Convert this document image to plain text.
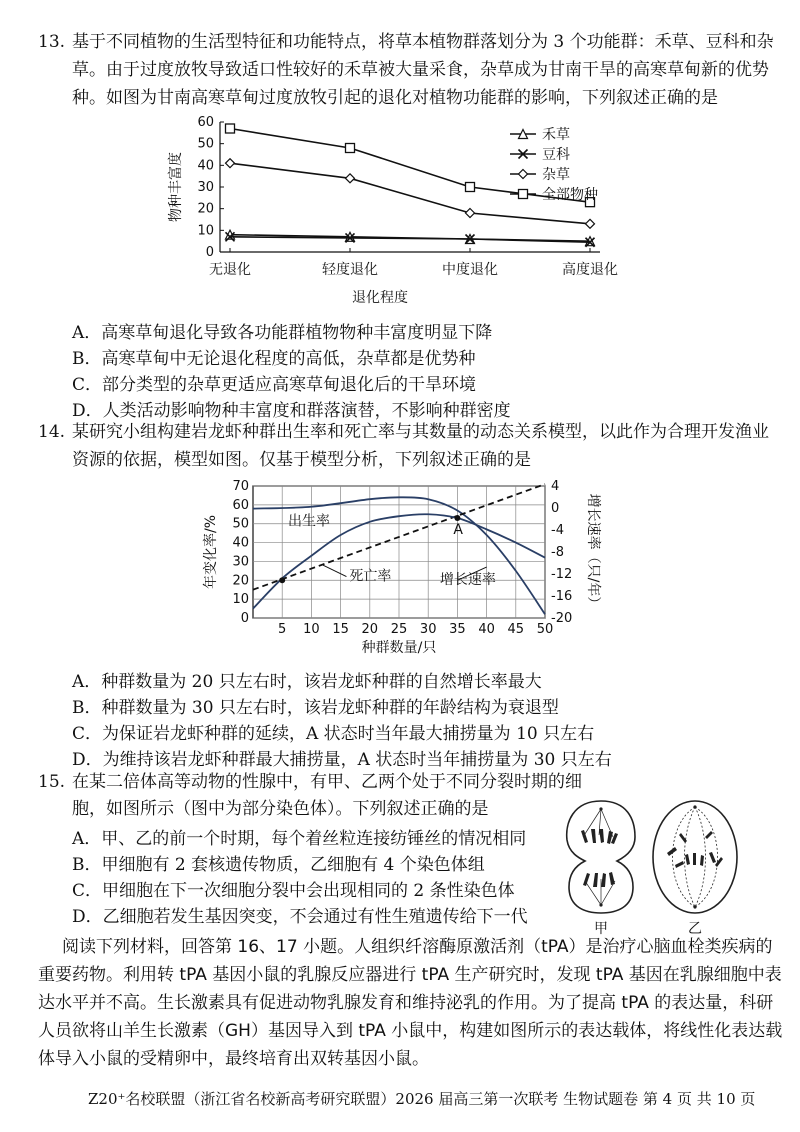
13. 基于不同植物的生活型特征和功能特点，将草本植物群落划分为 3 个功能群：禾草、豆科和杂
草。由于过度放牧导致适口性较好的禾草被大量采食，杂草成为甘南干旱的高寒草甸新的优势
种。如图为甘南高寒草甸过度放牧引起的退化对植物功能群的影响，下列叙述正确的是
0
10
20
30
40
50
60
无退化	轻度退化	中度退化	高度退化
退化程度
物种丰富度
禾草
豆科
杂草
全部物种
A．高寒草甸退化导致各功能群植物物种丰富度明显下降
B．高寒草甸中无论退化程度的高低，杂草都是优势种
C．部分类型的杂草更适应高寒草甸退化后的干旱环境
D．人类活动影响物种丰富度和群落演替，不影响种群密度
14. 某研究小组构建岩龙虾种群出生率和死亡率与其数量的动态关系模型，以此作为合理开发渔业
资源的依据，模型如图。仅基于模型分析，下列叙述正确的是
0
10
20
30
40
50
60
70	4
0
-4
-8
-12
-16
-20
5 10 15 20 25 30 35 40 45 50
种群数量/只
年变化率/%	增长速率（只/年）
A
出生率
死亡率	增长速率
A．种群数量为 20 只左右时，该岩龙虾种群的自然增长率最大
B．种群数量为 30 只左右时，该岩龙虾种群的年龄结构为衰退型
C．为保证岩龙虾种群的延续，A 状态时当年最大捕捞量为 10 只左右
D．为维持该岩龙虾种群最大捕捞量，A 状态时当年捕捞量为 30 只左右
15. 在某二倍体高等动物的性腺中，有甲、乙两个处于不同分裂时期的细
胞，如图所示（图中为部分染色体）。下列叙述正确的是
A．甲、乙的前一个时期，每个着丝粒连接纺锤丝的情况相同
B．甲细胞有 2 套核遗传物质，乙细胞有 4 个染色体组
C．甲细胞在下一次细胞分裂中会出现相同的 2 条性染色体
D．乙细胞若发生基因突变，不会通过有性生殖遗传给下一代
甲	乙
阅读下列材料，回答第 16、17 小题。人组织纤溶酶原激活剂（tPA）是治疗心脑血栓类疾病的
重要药物。利用转 tPA 基因小鼠的乳腺反应器进行 tPA 生产研究时，发现 tPA 基因在乳腺细胞中表
达水平并不高。生长激素具有促进动物乳腺发育和维持泌乳的作用。为了提高 tPA 的表达量，科研
人员欲将山羊生长激素（GH）基因导入到 tPA 小鼠中，构建如图所示的表达载体，将线性化表达载
体导入小鼠的受精卵中，最终培育出双转基因小鼠。
Z20⁺名校联盟（浙江省名校新高考研究联盟）2026 届高三第一次联考 生物试题卷 第 4 页 共 10 页
